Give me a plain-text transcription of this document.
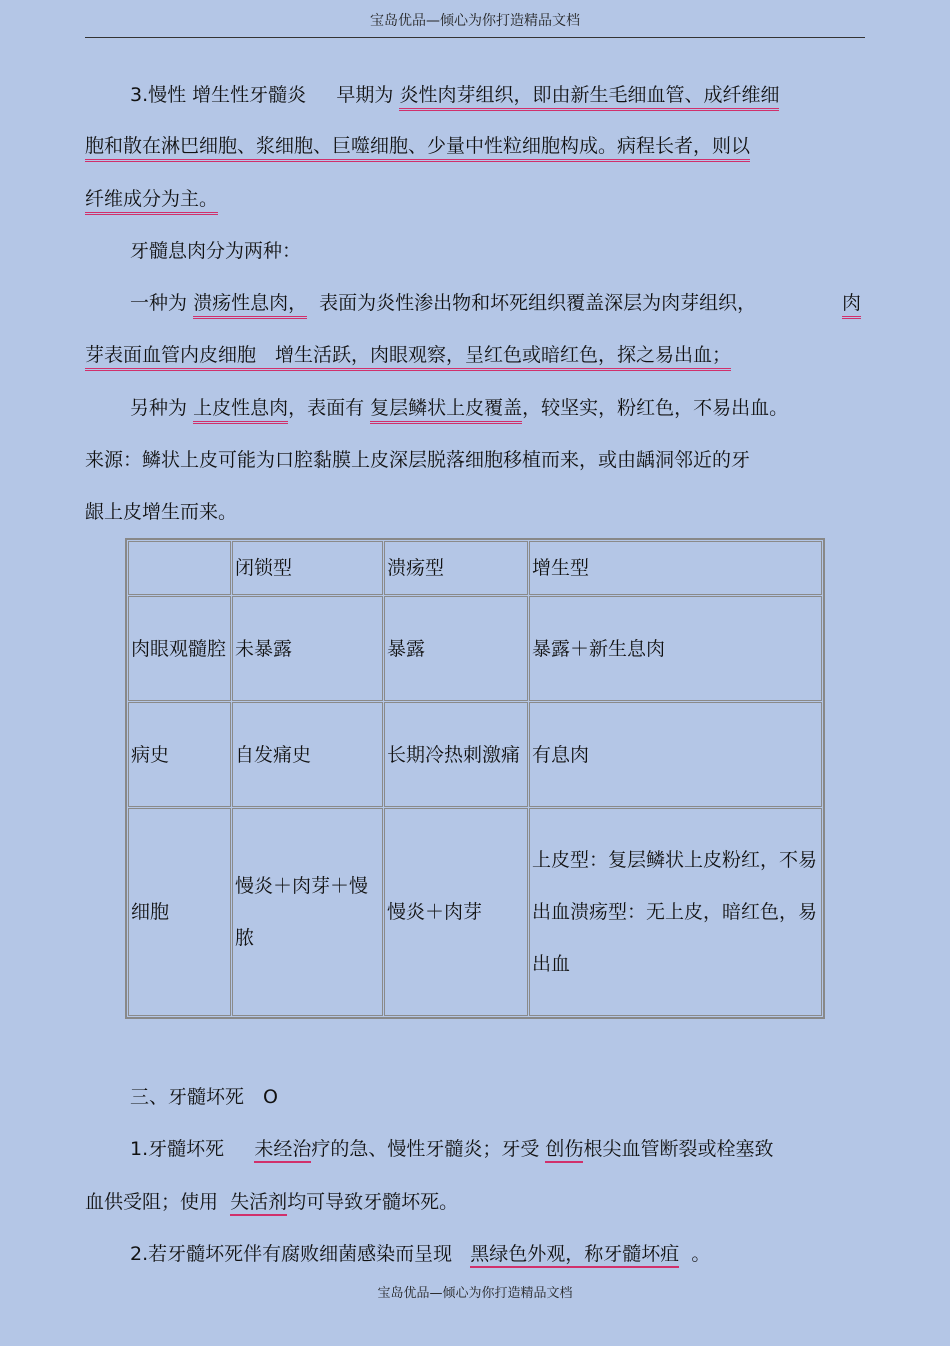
宝岛优品—倾心为你打造精品文档
3.慢性 增生性牙髓炎 早期为 炎性肉芽组织，即由新生毛细血管、成纤维细
胞和散在淋巴细胞、浆细胞、巨噬细胞、少量中性粒细胞构成。病程长者，则以
纤维成分为主。
牙髓息肉分为两种：
一种为 溃疡性息肉， 表面为炎性渗出物和坏死组织覆盖深层为肉芽组织，	肉
芽表面血管内皮细胞　增生活跃，肉眼观察，呈红色或暗红色，探之易出血；
另种为 上皮性息肉，表面有 复层鳞状上皮覆盖，较坚实，粉红色，不易出血。
来源：鳞状上皮可能为口腔黏膜上皮深层脱落细胞移植而来，或由龋洞邻近的牙
龈上皮增生而来。
	闭锁型	溃疡型	增生型
肉眼观髓腔	未暴露	暴露	暴露＋新生息肉
病史	自发痛史	长期冷热刺激痛	有息肉
细胞	慢炎＋肉芽＋慢脓	慢炎＋肉芽	上皮型：复层鳞状上皮粉红，不易出血溃疡型：无上皮，暗红色，易出血
三、牙髓坏死　O
1.牙髓坏死 未经治疗的急、慢性牙髓炎；牙受 创伤根尖血管断裂或栓塞致
血供受阻；使用 失活剂均可导致牙髓坏死。
2.若牙髓坏死伴有腐败细菌感染而呈现 黑绿色外观，称牙髓坏疽 。
宝岛优品—倾心为你打造精品文档
